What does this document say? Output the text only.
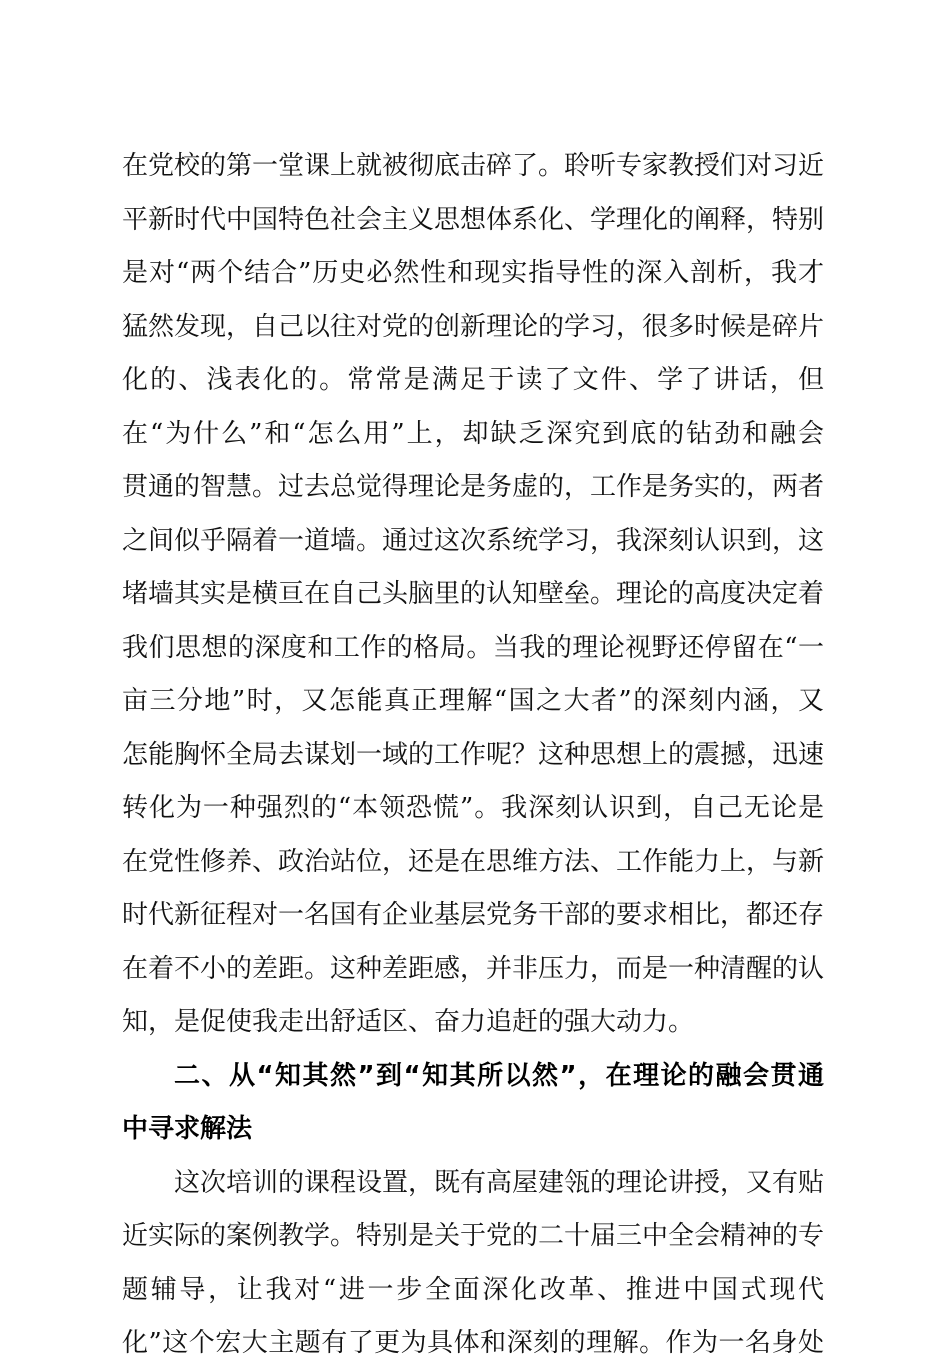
在党校的第一堂课上就被彻底击碎了。聆听专家教授们对习近
平新时代中国特色社会主义思想体系化、学理化的阐释，特别
是对“两个结合”历史必然性和现实指导性的深入剖析，我才
猛然发现，自己以往对党的创新理论的学习，很多时候是碎片
化的、浅表化的。常常是满足于读了文件、学了讲话，但
在“为什么”和“怎么用”上，却缺乏深究到底的钻劲和融会
贯通的智慧。过去总觉得理论是务虚的，工作是务实的，两者
之间似乎隔着一道墙。通过这次系统学习，我深刻认识到，这
堵墙其实是横亘在自己头脑里的认知壁垒。理论的高度决定着
我们思想的深度和工作的格局。当我的理论视野还停留在“一
亩三分地”时，又怎能真正理解“国之大者”的深刻内涵，又
怎能胸怀全局去谋划一域的工作呢？这种思想上的震撼，迅速
转化为一种强烈的“本领恐慌”。我深刻认识到，自己无论是
在党性修养、政治站位，还是在思维方法、工作能力上，与新
时代新征程对一名国有企业基层党务干部的要求相比，都还存
在着不小的差距。这种差距感，并非压力，而是一种清醒的认
知，是促使我走出舒适区、奋力追赶的强大动力。
二、从“知其然”到“知其所以然”，在理论的融会贯通
中寻求解法
这次培训的课程设置，既有高屋建瓴的理论讲授，又有贴
近实际的案例教学。特别是关于党的二十届三中全会精神的专
题辅导，让我对“进一步全面深化改革、推进中国式现代
化”这个宏大主题有了更为具体和深刻的理解。作为一名身处
